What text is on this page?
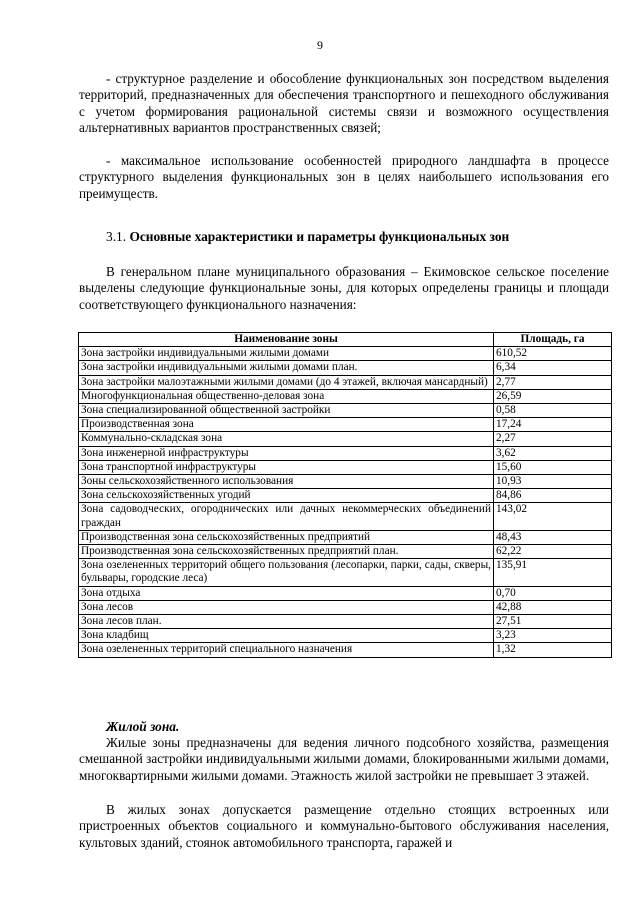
9

- структурное разделение и обособление функциональных зон посредством выделения территорий, предназначенных для обеспечения транспортного и пешеходного обслуживания с учетом формирования рациональной системы связи и возможного осуществления альтернативных вариантов пространственных связей;

- максимальное использование особенностей природного ландшафта в процессе структурного выделения функциональных зон в целях наибольшего использования его преимуществ.

3.1. Основные характеристики и параметры функциональных зон

В генеральном плане муниципального образования – Екимовское сельское поселение выделены следующие функциональные зоны, для которых определены границы и площади соответствующего функционального назначения:

Наименование зоны	Площадь, га
Зона застройки индивидуальными жилыми домами	610,52
Зона застройки индивидуальными жилыми домами план.	6,34
Зона застройки малоэтажными жилыми домами (до 4 этажей, включая мансардный)	2,77
Многофункциональная общественно-деловая зона	26,59
Зона специализированной общественной застройки	0,58
Производственная зона	17,24
Коммунально-складская зона	2,27
Зона инженерной инфраструктуры	3,62
Зона транспортной инфраструктуры	15,60
Зоны сельскохозяйственного использования	10,93
Зона сельскохозяйственных угодий	84,86
Зона садоводческих, огороднических или дачных некоммерческих объединений граждан	143,02
Производственная зона сельскохозяйственных предприятий	48,43
Производственная зона сельскохозяйственных предприятий план.	62,22
Зона озелененных территорий общего пользования (лесопарки, парки, сады, скверы, бульвары, городские леса)	135,91
Зона отдыха	0,70
Зона лесов	42,88
Зона лесов план.	27,51
Зона кладбищ	3,23
Зона озелененных территорий специального назначения	1,32
Жилой зона.

Жилые зоны предназначены для ведения личного подсобного хозяйства, размещения смешанной застройки индивидуальными жилыми домами, блокированными жилыми домами, многоквартирными жилыми домами. Этажность жилой застройки не превышает 3 этажей.

В жилых зонах допускается размещение отдельно стоящих встроенных или пристроенных объектов социального и коммунально-бытового обслуживания населения, культовых зданий, стоянок автомобильного транспорта, гаражей и
